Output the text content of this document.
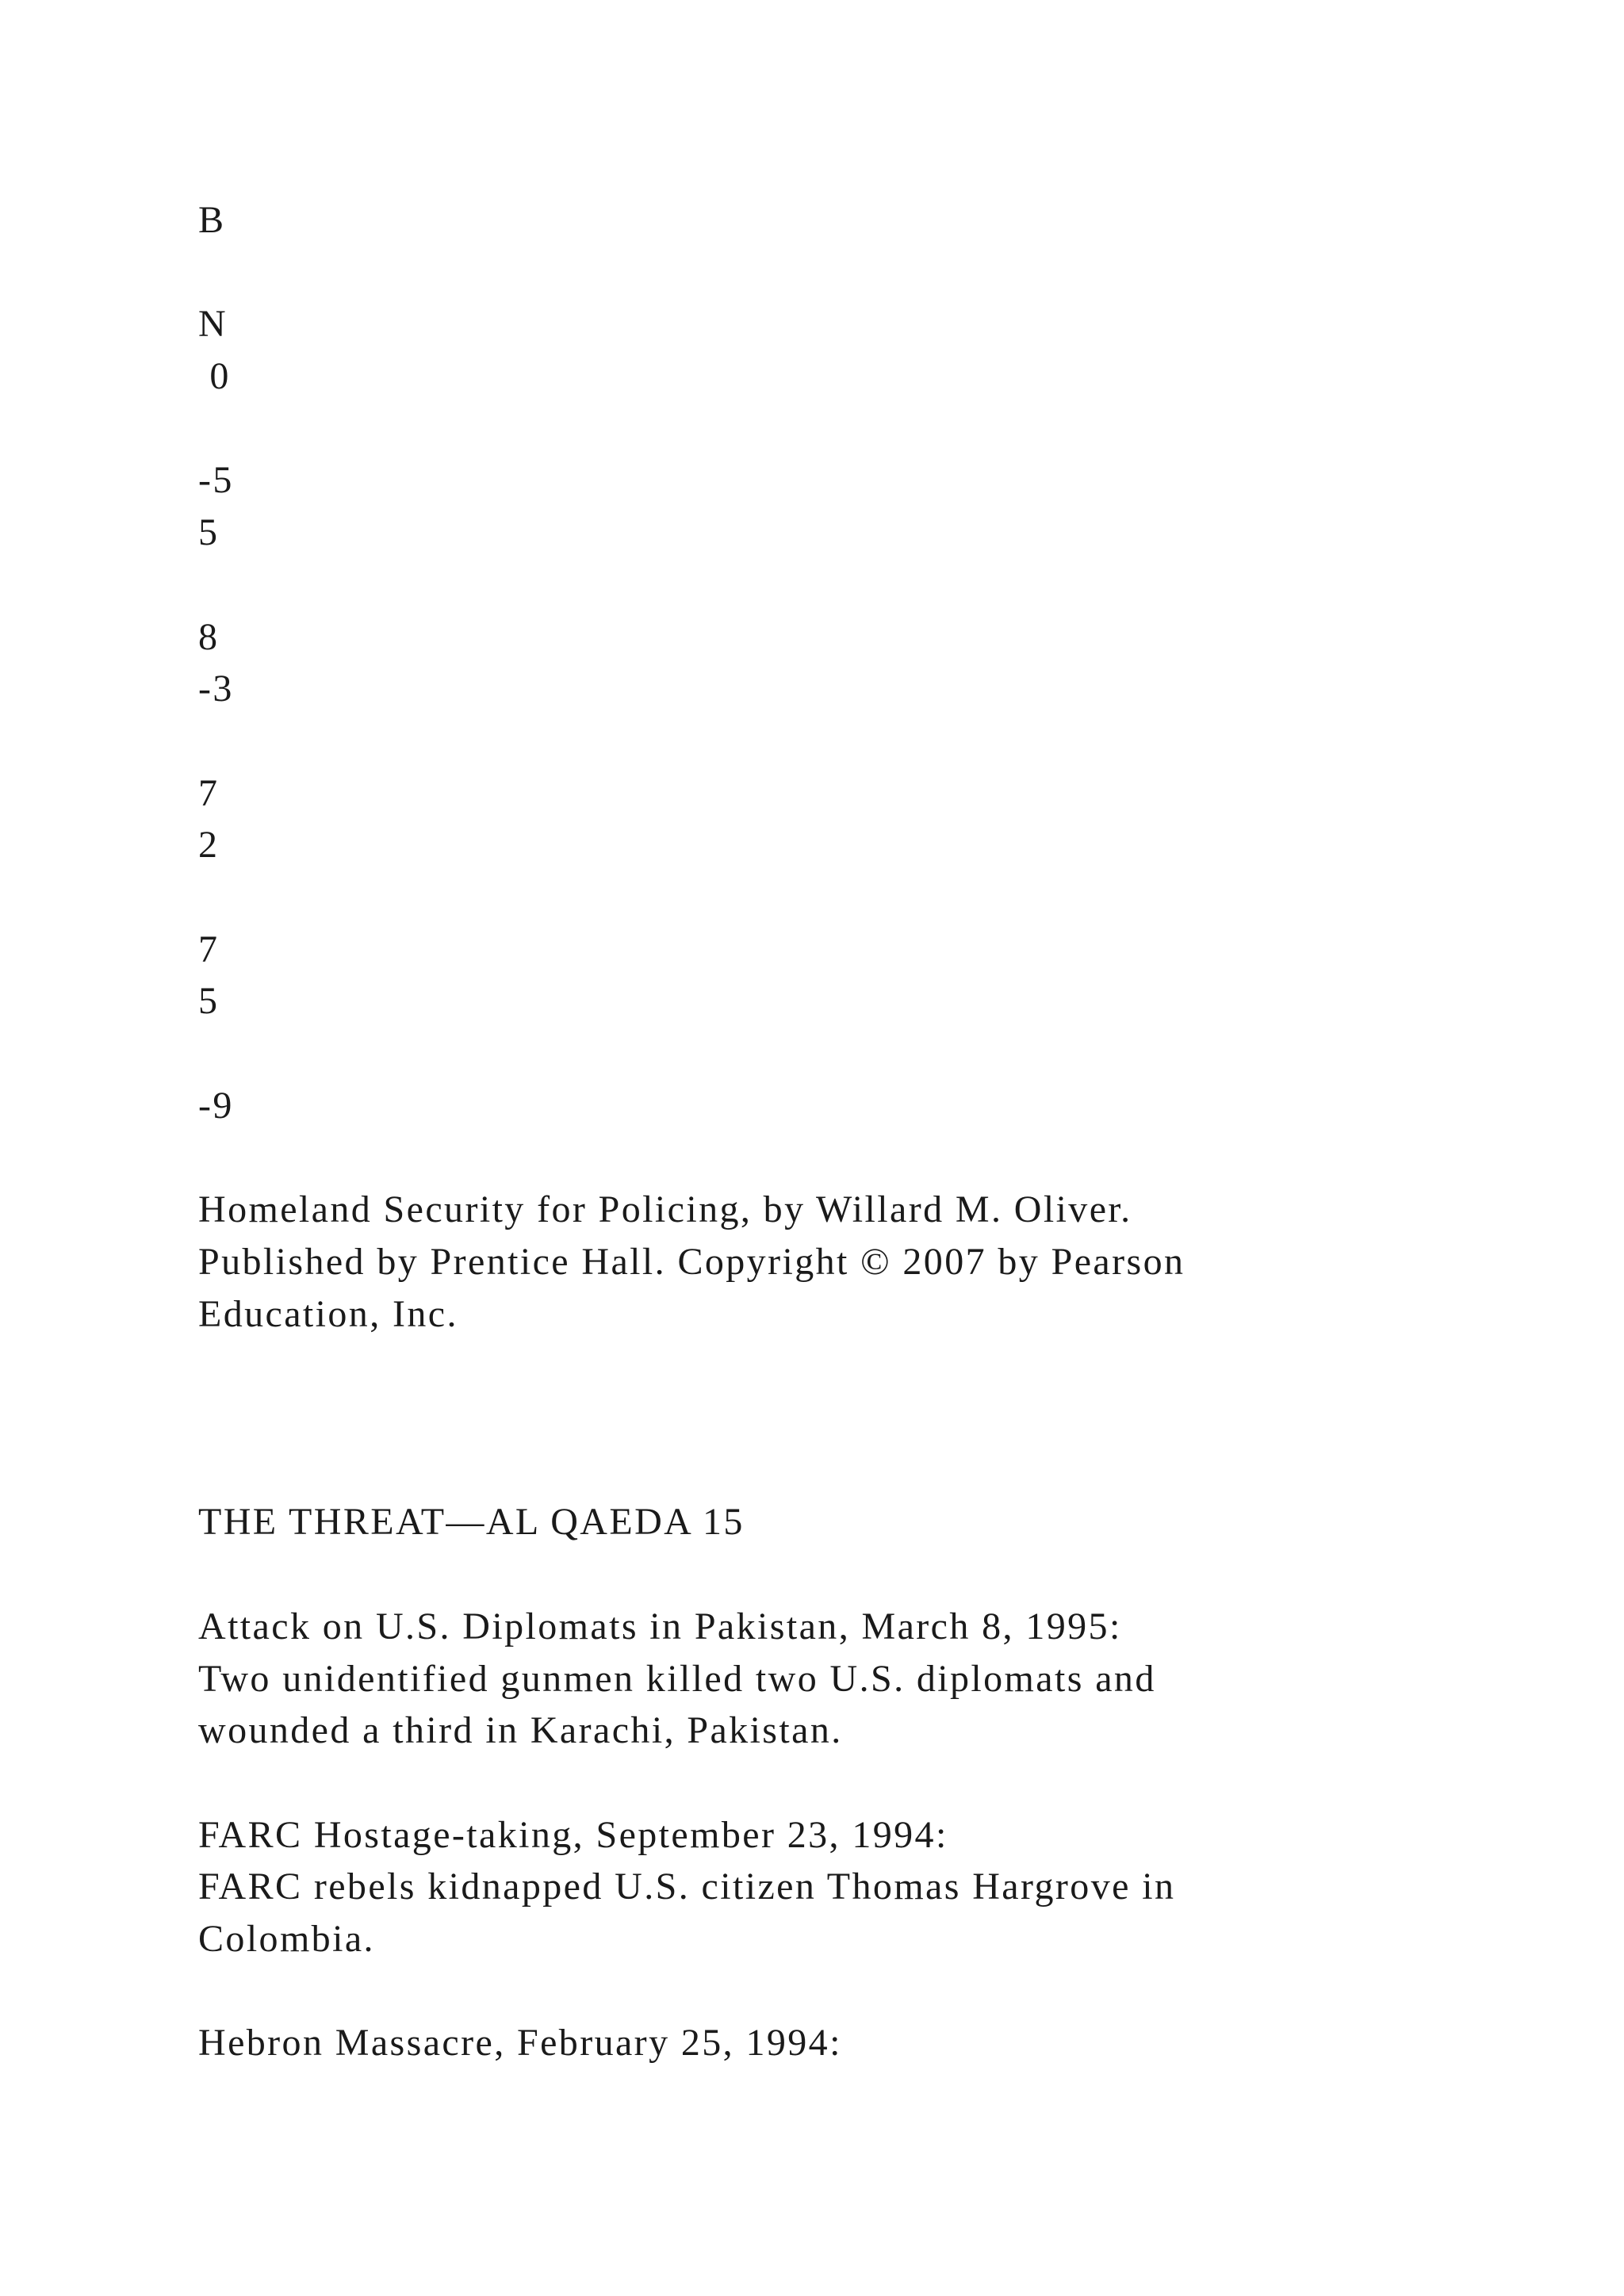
B
N
0
-5
5
8
-3
7
2
7
5
-9
Homeland Security for Policing, by Willard M. Oliver.
Published by Prentice Hall. Copyright © 2007 by Pearson
Education, Inc.
THE THREAT—AL QAEDA 15
Attack on U.S. Diplomats in Pakistan, March 8, 1995:
Two unidentified gunmen killed two U.S. diplomats and
wounded a third in Karachi, Pakistan.
FARC Hostage-taking, September 23, 1994:
FARC rebels kidnapped U.S. citizen Thomas Hargrove in
Colombia.
Hebron Massacre, February 25, 1994:
